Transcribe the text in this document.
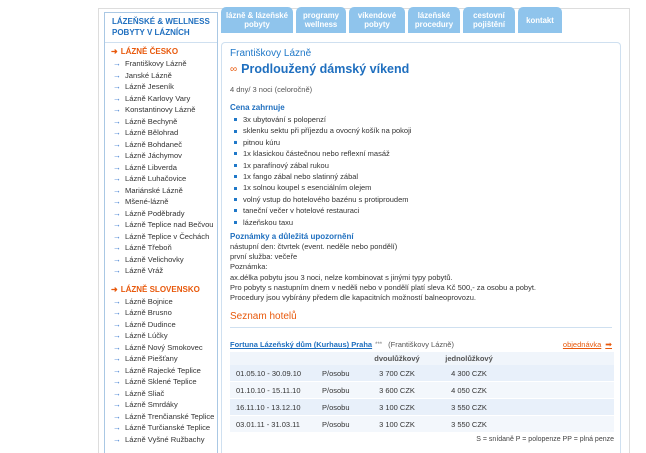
LÁZEŇSKÉ & WELLNESS POBYTY V LÁZNÍCH
➜ LÁZNĚ ČESKO
→ Františkovy Lázně
→ Janské Lázně
→ Lázně Jeseník
→ Lázně Karlovy Vary
→ Konstantinovy Lázně
→ Lázně Bechyně
→ Lázně Bělohrad
→ Lázně Bohdaneč
→ Lázně Jáchymov
→ Lázně Libverda
→ Lázně Luhačovice
→ Mariánské Lázně
→ Mšené-lázně
→ Lázně Poděbrady
→ Lázně Teplice nad Bečvou
→ Lázně Teplice v Čechách
→ Lázně Třeboň
→ Lázně Velichovky
→ Lázně Vráž
➜ LÁZNĚ SLOVENSKO
→ Lázně Bojnice
→ Lázně Brusno
→ Lázně Dudince
→ Lázně Lúčky
→ Lázně Nový Smokovec
→ Lázně Piešťany
→ Lázně Rajecké Teplice
→ Lázně Sklené Teplice
→ Lázně Sliač
→ Lázně Smrdáky
→ Lázně Trenčianské Teplice
→ Lázně Turčianské Teplice
→ Lázně Vyšné Ružbachy
lázně & lázeňské pobyty
programy wellness
víkendové pobyty
lázeňské procedury
cestovní pojištění	kontakt
Františkovy Lázně
∞ Prodloužený dámský víkend
4 dny/ 3 noci (celoročně)
Cena zahrnuje
3x ubytování s polopenzí
sklenku sektu při příjezdu a ovocný košík na pokoji
pitnou kúru
1x klasickou částečnou nebo reflexní masáž
1x parafínový zábal rukou
1x fango zábal nebo slatinný zábal
1x solnou koupel s esenciálním olejem
volný vstup do hotelového bazénu s protiproudem
taneční večer v hotelové restauraci
lázeňskou taxu
Poznámky a důležitá upozornění
nástupní den: čtvrtek (event. neděle nebo pondělí)
první služba: večeře
Poznámka:
ax.délka pobytu jsou 3 noci, nelze kombinovat s jinými typy pobytů.
Pro pobyty s nastupním dnem v neděli nebo v pondělí platí sleva Kč 500,- za osobu a pobyt.
Procedury jsou vybírány předem dle kapacitních možností balneoprovozu.
Seznam hotelů
Fortuna Lázeňský dům (Kurhaus) Praha *** (Františkovy Lázně)	objednávka ➡
		dvoulůžkový	jednolůžkový	
01.05.10 - 30.09.10	P/osobu	3 700 CZK	4 300 CZK	
01.10.10 - 15.11.10	P/osobu	3 600 CZK	4 050 CZK	
16.11.10 - 13.12.10	P/osobu	3 100 CZK	3 550 CZK	
03.01.11 - 31.03.11	P/osobu	3 100 CZK	3 550 CZK	
S = snídaně P = polopenze PP = plná penze
